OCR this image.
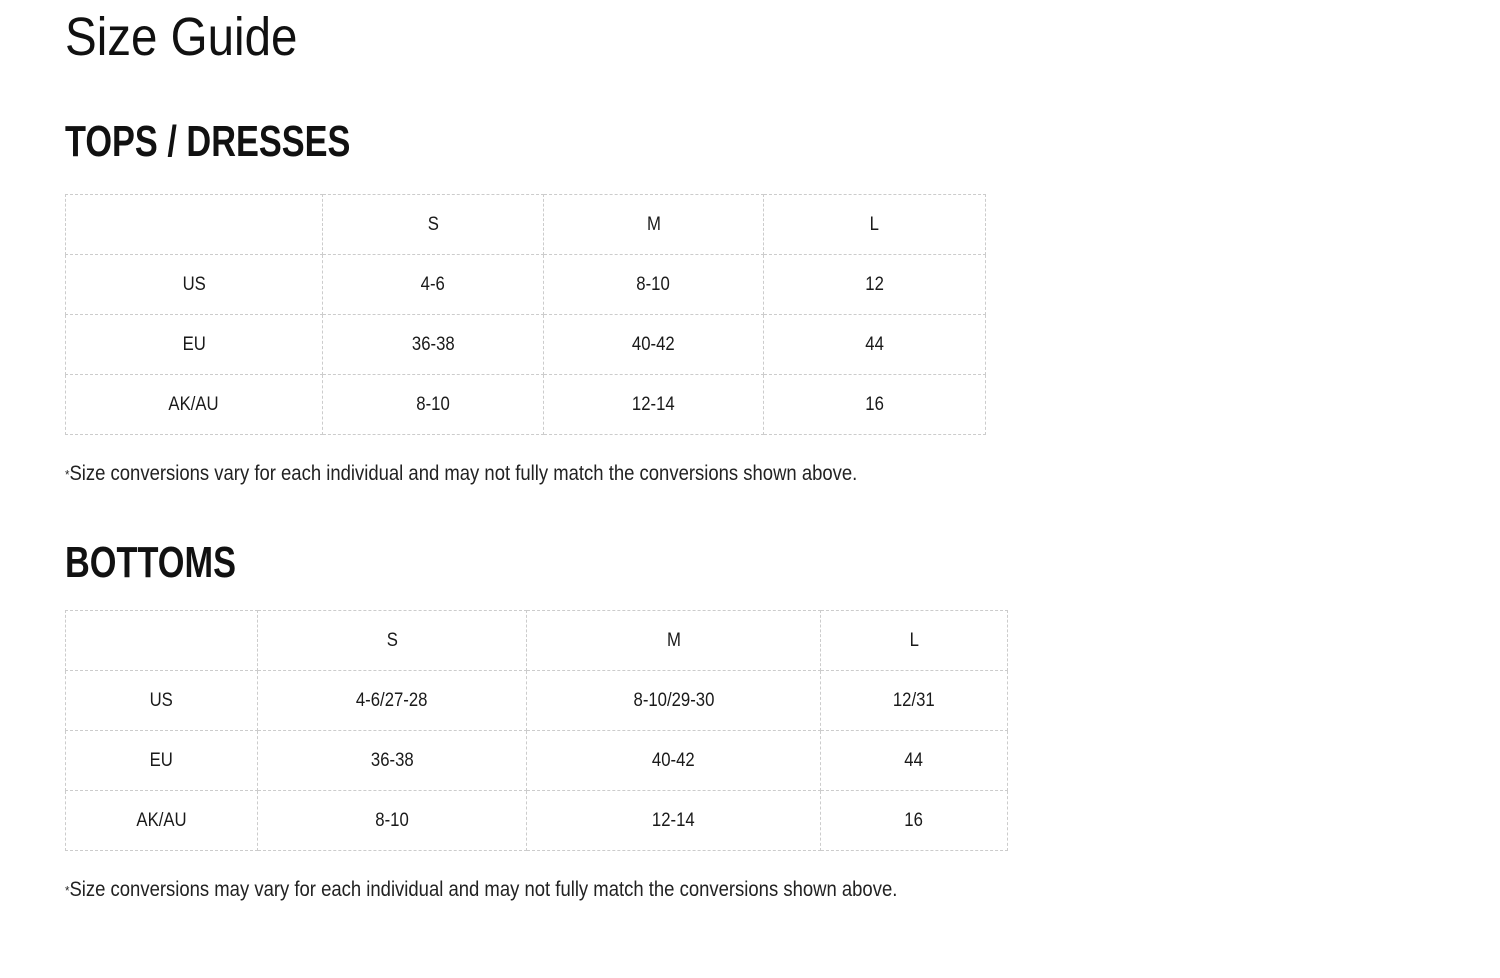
Size Guide
TOPS / DRESSES
	S	M	L
US	4-6	8-10	12
EU	36-38	40-42	44
AK/AU	8-10	12-14	16

*Size conversions vary for each individual and may not fully match the conversions shown above.

BOTTOMS
	S	M	L
US	4-6/27-28	8-10/29-30	12/31
EU	36-38	40-42	44
AK/AU	8-10	12-14	16

*Size conversions may vary for each individual and may not fully match the conversions shown above.
